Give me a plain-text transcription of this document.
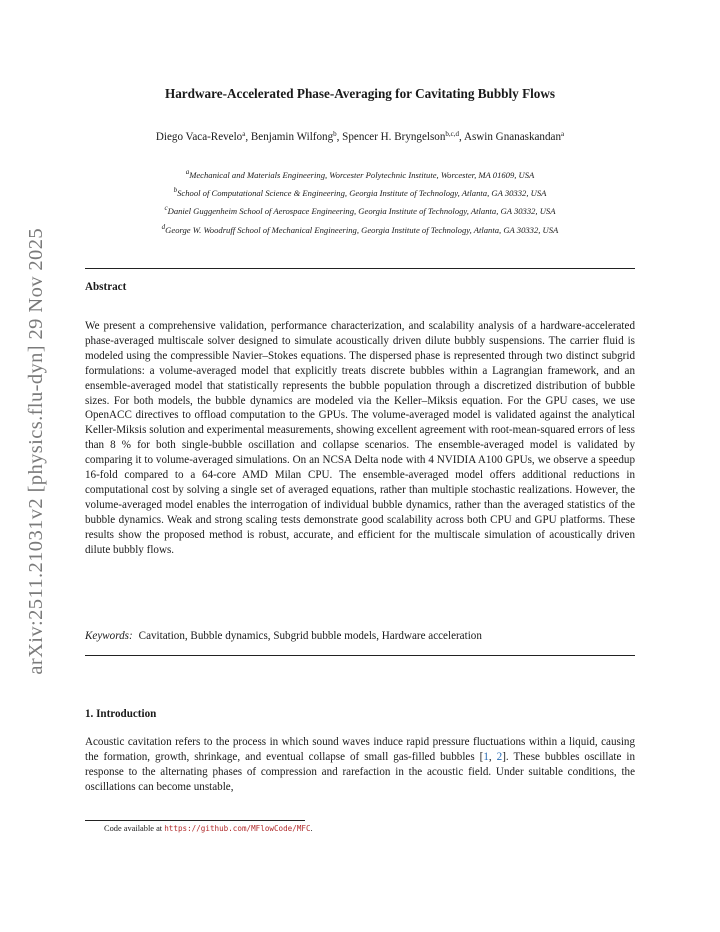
arXiv:2511.21031v2 [physics.flu-dyn] 29 Nov 2025
Hardware-Accelerated Phase-Averaging for Cavitating Bubbly Flows
Diego Vaca-Revelo$^a$, Benjamin Wilfong$^b$, Spencer H. Bryngelson$^{b,c,d}$, Aswin Gnanaskandan$^a$
$^a$Mechanical and Materials Engineering, Worcester Polytechnic Institute, Worcester, MA 01609, USA
$^b$School of Computational Science & Engineering, Georgia Institute of Technology, Atlanta, GA 30332, USA
$^c$Daniel Guggenheim School of Aerospace Engineering, Georgia Institute of Technology, Atlanta, GA 30332, USA
$^d$George W. Woodruff School of Mechanical Engineering, Georgia Institute of Technology, Atlanta, GA 30332, USA
Abstract
We present a comprehensive validation, performance characterization, and scalability analysis of a hardware-accelerated phase-averaged multiscale solver designed to simulate acoustically driven dilute bubbly suspensions. The carrier fluid is modeled using the compressible Navier–Stokes equations. The dispersed phase is represented through two distinct subgrid formulations: a volume-averaged model that explicitly treats discrete bubbles within a Lagrangian framework, and an ensemble-averaged model that statistically represents the bubble population through a discretized distribution of bubble sizes. For both models, the bubble dynamics are modeled via the Keller–Miksis equation. For the GPU cases, we use OpenACC directives to offload computation to the GPUs. The volume-averaged model is validated against the analytical Keller-Miksis solution and experimental measurements, showing excellent agreement with root-mean-squared errors of less than 8 % for both single-bubble oscillation and collapse scenarios. The ensemble-averaged model is validated by comparing it to volume-averaged simulations. On an NCSA Delta node with 4 NVIDIA A100 GPUs, we observe a speedup 16-fold compared to a 64-core AMD Milan CPU. The ensemble-averaged model offers additional reductions in computational cost by solving a single set of averaged equations, rather than multiple stochastic realizations. However, the volume-averaged model enables the interrogation of individual bubble dynamics, rather than the averaged statistics of the bubble dynamics. Weak and strong scaling tests demonstrate good scalability across both CPU and GPU platforms. These results show the proposed method is robust, accurate, and efficient for the multiscale simulation of acoustically driven dilute bubbly flows.
Keywords: Cavitation, Bubble dynamics, Subgrid bubble models, Hardware acceleration
1. Introduction
Acoustic cavitation refers to the process in which sound waves induce rapid pressure fluctuations within a liquid, causing the formation, growth, shrinkage, and eventual collapse of small gas-filled bubbles [1, 2]. These bubbles oscillate in response to the alternating phases of compression and rarefaction in the acoustic field. Under suitable conditions, the oscillations can become unstable,
Code available at https://github.com/MFlowCode/MFC.
